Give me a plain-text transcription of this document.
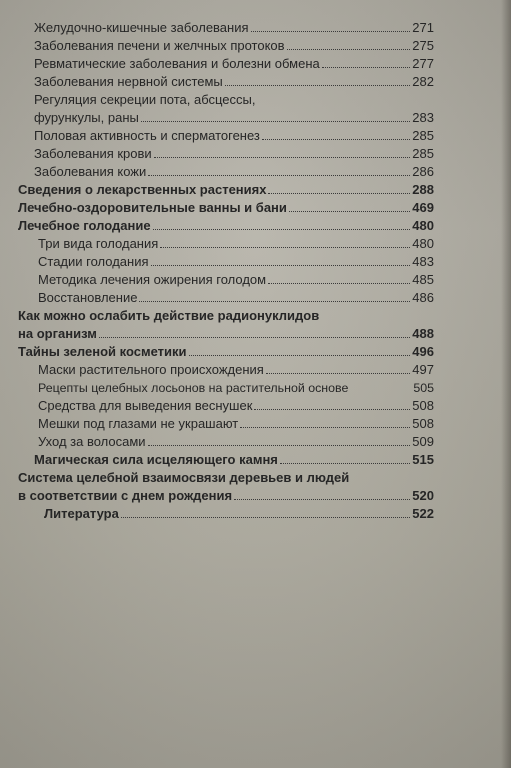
Желудочно-кишечные заболевания	271
Заболевания печени и желчных протоков	275
Ревматические заболевания и болезни обмена	277
Заболевания нервной системы	282
Регуляция секреции пота, абсцессы,
фурункулы, раны	283
Половая активность и сперматогенез	285
Заболевания крови	285
Заболевания кожи	286
Сведения о лекарственных растениях	288
Лечебно-оздоровительные ванны и бани	469
Лечебное голодание	480
Три вида голодания	480
Стадии голодания	483
Методика лечения ожирения голодом	485
Восстановление	486
Как можно ослабить действие радионуклидов
на организм	488
Тайны зеленой косметики	496
Маски растительного происхождения	497
Рецепты целебных лосьонов на растительной основе	505
Средства для выведения веснушек	508
Мешки под глазами не украшают	508
Уход за волосами	509
Магическая сила исцеляющего камня	515
Система целебной взаимосвязи деревьев и людей
в соответствии с днем рождения	520
Литература	522
